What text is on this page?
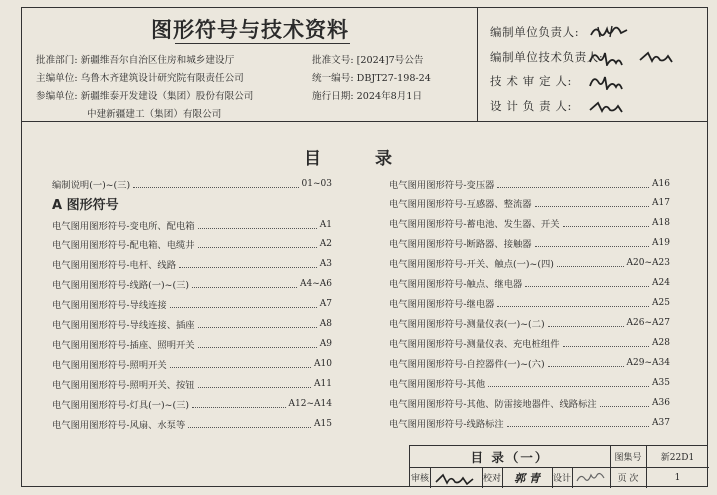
图形符号与技术资料
批准部门: 新疆维吾尔自治区住房和城乡建设厅
主编单位: 乌鲁木齐建筑设计研究院有限责任公司
参编单位: 新疆维泰开发建设（集团）股份有限公司
中建新疆建工（集团）有限公司
批准文号: [2024]7号公告
统一编号: DBJT27-198-24
施行日期: 2024年8月1日
编制单位负责人:
编制单位技术负责人:
技 术 审 定 人:
设 计 负 责 人:
目 录
编制说明(一)~(三)	01~03
A 图形符号
电气图用图形符号-变电所、配电箱	A1
电气图用图形符号-配电箱、电缆井	A2
电气图用图形符号-电杆、线路	A3
电气图用图形符号-线路(一)~(三)	A4~A6
电气图用图形符号-导线连接	A7
电气图用图形符号-导线连接、插座	A8
电气图用图形符号-插座、照明开关	A9
电气图用图形符号-照明开关	A10
电气图用图形符号-照明开关、按钮	A11
电气图用图形符号-灯具(一)~(三)	A12~A14
电气图用图形符号-风扇、水泵等	A15
电气图用图形符号-变压器	A16
电气图用图形符号-互感器、整流器	A17
电气图用图形符号-蓄电池、发生器、开关	A18
电气图用图形符号-断路器、接触器	A19
电气图用图形符号-开关、触点(一)~(四)	A20~A23
电气图用图形符号-触点、继电器	A24
电气图用图形符号-继电器	A25
电气图用图形符号-测量仪表(一)~(二)	A26~A27
电气图用图形符号-测量仪表、充电桩组件	A28
电气图用图形符号-自控器件(一)~(六)	A29~A34
电气图用图形符号-其他	A35
电气图用图形符号-其他、防雷接地器件、线路标注	A36
电气图用图形符号-线路标注	A37
目 录（一）	图集号	新22D1
审核	校对	郭 青	设计	页 次	1
